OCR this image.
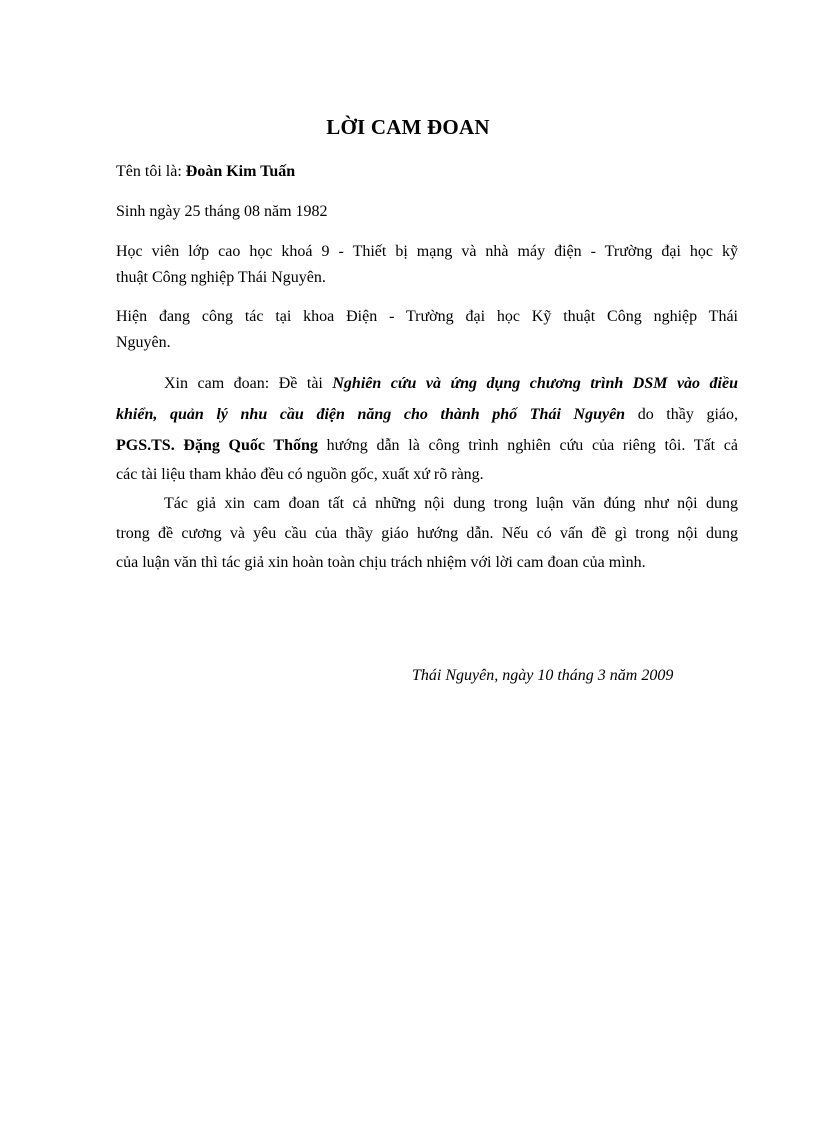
LỜI CAM ĐOAN
Tên tôi là: Đoàn Kim Tuấn
Sinh ngày 25 tháng 08 năm 1982
Học viên lớp cao học khoá 9 - Thiết bị mạng và nhà máy điện - Trường đại học kỹ
thuật Công nghiệp Thái Nguyên.
Hiện đang công tác tại khoa Điện - Trường đại học Kỹ thuật Công nghiệp Thái
Nguyên.
Xin cam đoan: Đề tài Nghiên cứu và ứng dụng chương trình DSM vào điều
khiển, quản lý nhu cầu điện năng cho thành phố Thái Nguyên do thầy giáo,
PGS.TS. Đặng Quốc Thống hướng dẫn là công trình nghiên cứu của riêng tôi. Tất cả
các tài liệu tham khảo đều có nguồn gốc, xuất xứ rõ ràng.
Tác giả xin cam đoan tất cả những nội dung trong luận văn đúng như nội dung
trong đề cương và yêu cầu của thầy giáo hướng dẫn. Nếu có vấn đề gì trong nội dung
của luận văn thì tác giả xin hoàn toàn chịu trách nhiệm với lời cam đoan của mình.
Thái Nguyên, ngày 10 tháng 3 năm 2009
